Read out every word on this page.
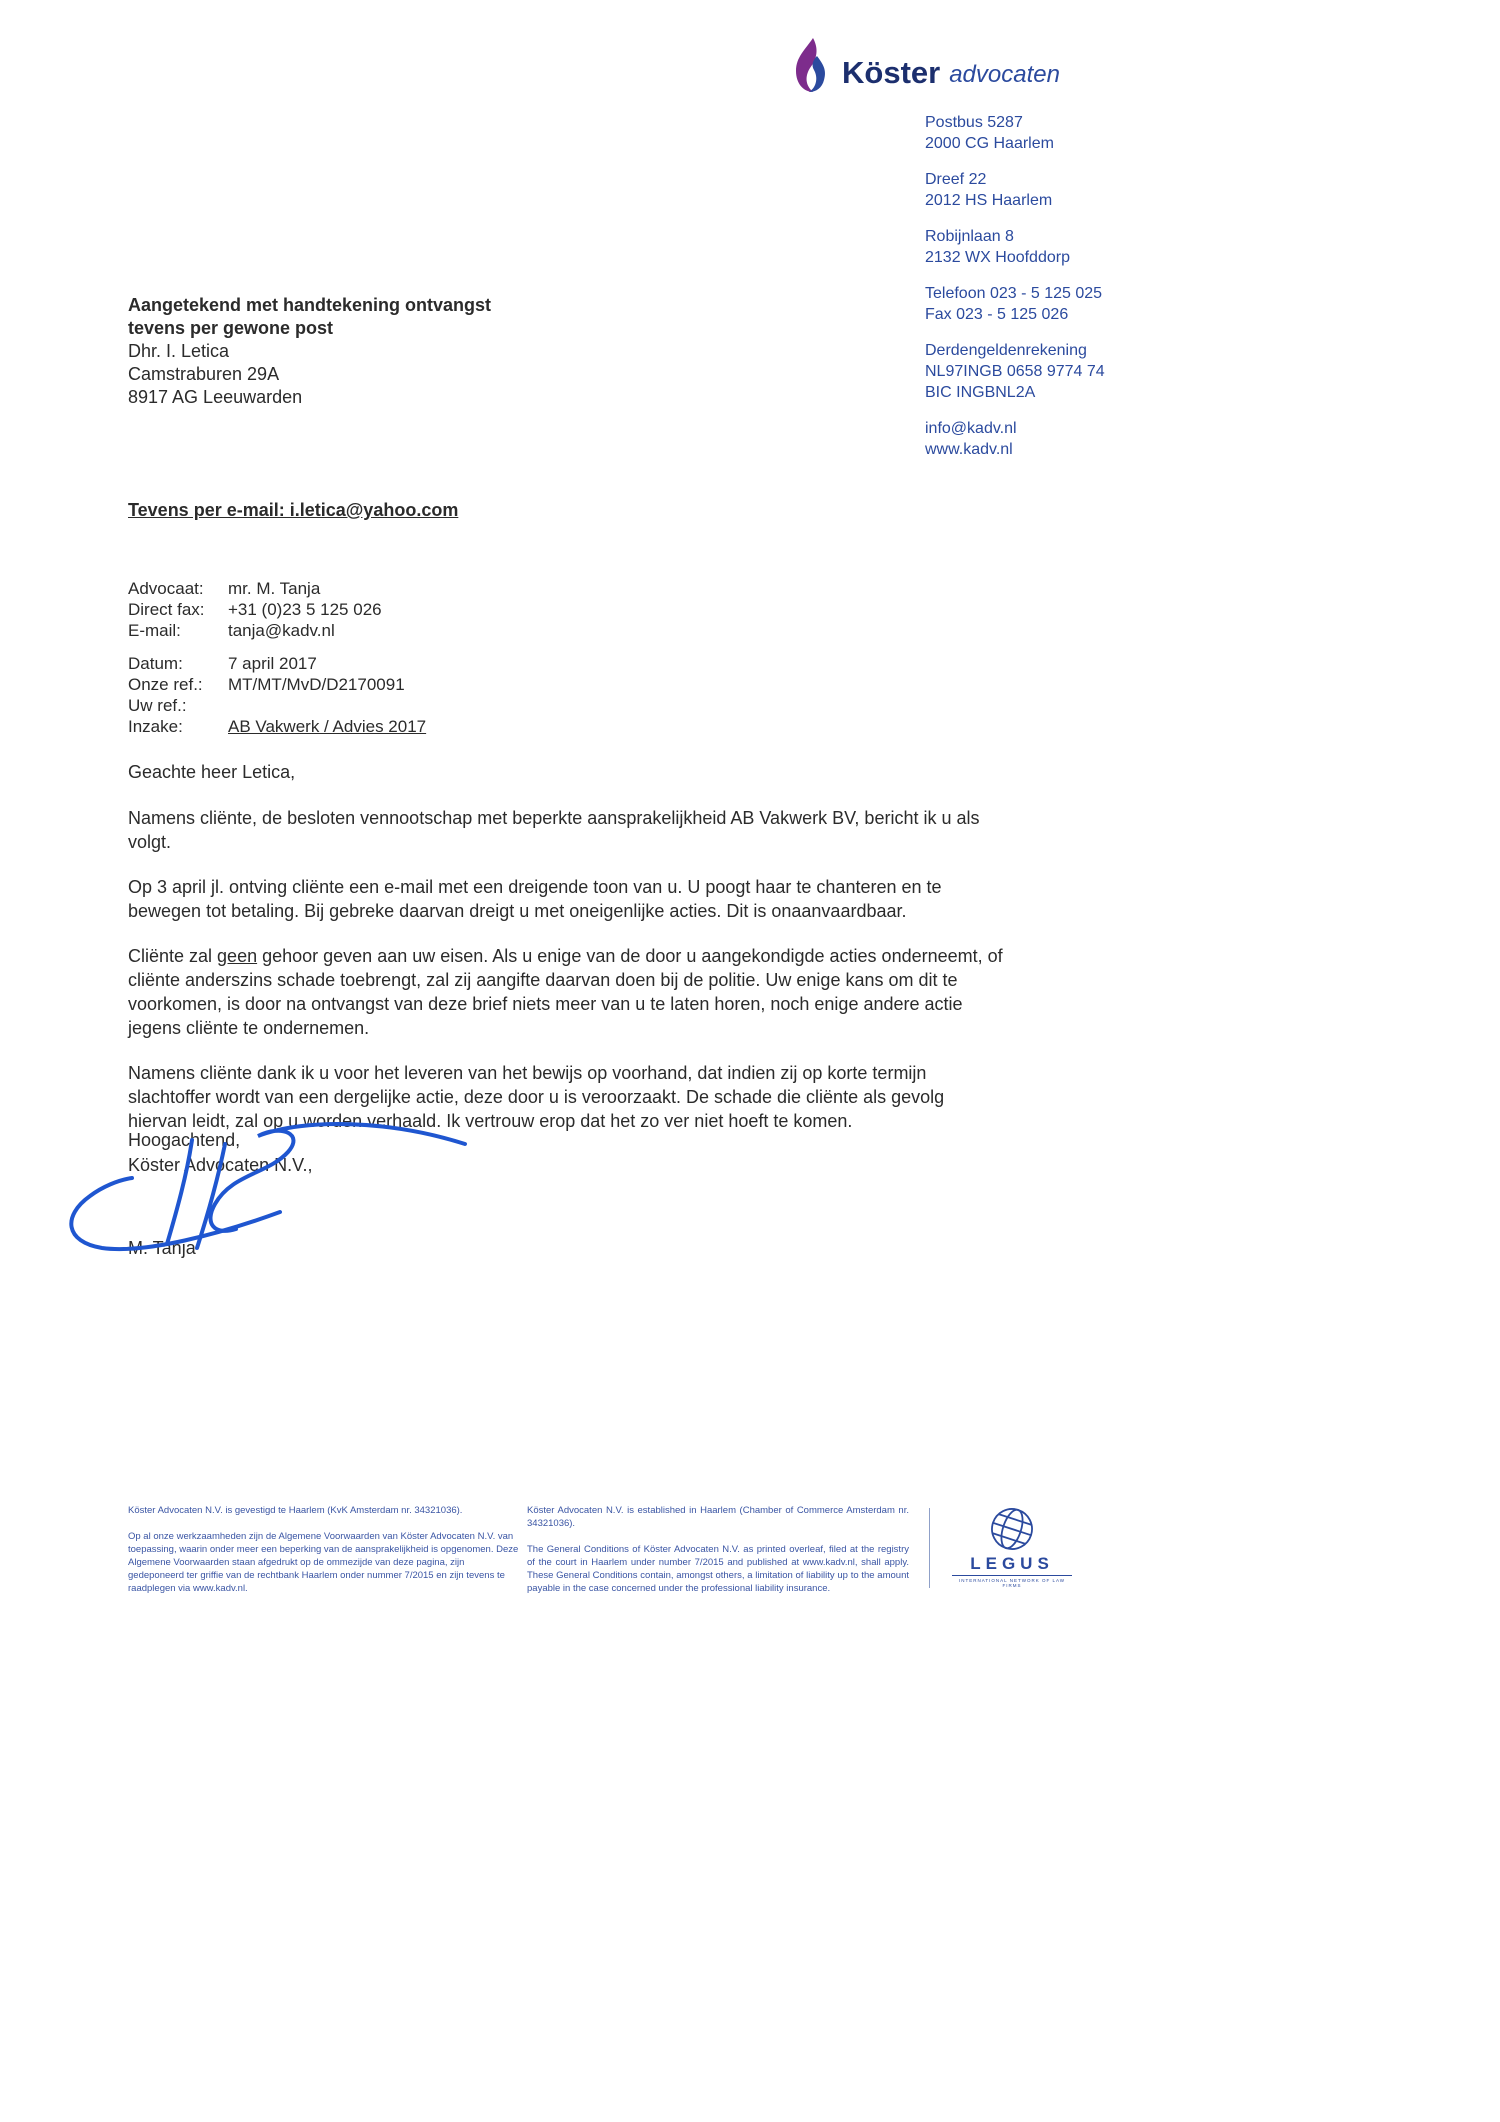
Köster advocaten
Postbus 5287
2000 CG Haarlem
Dreef 22
2012 HS Haarlem
Robijnlaan 8
2132 WX Hoofddorp
Telefoon 023 - 5 125 025
Fax 023 - 5 125 026
Derdengeldenrekening
NL97INGB 0658 9774 74
BIC INGBNL2A
info@kadv.nl
www.kadv.nl
Aangetekend met handtekening ontvangst
tevens per gewone post
Dhr. I. Letica
Camstraburen 29A
8917 AG Leeuwarden
Tevens per e-mail: i.letica@yahoo.com
Advocaat:	mr. M. Tanja
Direct fax:	+31 (0)23 5 125 026
E-mail:	tanja@kadv.nl
Datum:	7 april 2017
Onze ref.:	MT/MT/MvD/D2170091
Uw ref.:
Inzake:	AB Vakwerk / Advies 2017
Geachte heer Letica,

Namens cliënte, de besloten vennootschap met beperkte aansprakelijkheid AB Vakwerk BV, bericht ik u als volgt.

Op 3 april jl. ontving cliënte een e-mail met een dreigende toon van u. U poogt haar te chanteren en te bewegen tot betaling. Bij gebreke daarvan dreigt u met oneigenlijke acties. Dit is onaanvaardbaar.

Cliënte zal geen gehoor geven aan uw eisen. Als u enige van de door u aangekondigde acties onderneemt, of cliënte anderszins schade toebrengt, zal zij aangifte daarvan doen bij de politie. Uw enige kans om dit te voorkomen, is door na ontvangst van deze brief niets meer van u te laten horen, noch enige andere actie jegens cliënte te ondernemen.

Namens cliënte dank ik u voor het leveren van het bewijs op voorhand, dat indien zij op korte termijn slachtoffer wordt van een dergelijke actie, deze door u is veroorzaakt. De schade die cliënte als gevolg hiervan leidt, zal op u worden verhaald. Ik vertrouw erop dat het zo ver niet hoeft te komen.

Hoogachtend,
Köster Advocaten N.V.,
M. Tanja
Köster Advocaten N.V. is gevestigd te Haarlem (KvK Amsterdam nr. 34321036).
Op al onze werkzaamheden zijn de Algemene Voorwaarden van Köster Advocaten N.V. van toepassing, waarin onder meer een beperking van de aansprakelijkheid is opgenomen. Deze Algemene Voorwaarden staan afgedrukt op de ommezijde van deze pagina, zijn gedeponeerd ter griffie van de rechtbank Haarlem onder nummer 7/2015 en zijn tevens te raadplegen via www.kadv.nl.
Köster Advocaten N.V. is established in Haarlem (Chamber of Commerce Amsterdam nr. 34321036).
The General Conditions of Köster Advocaten N.V. as printed overleaf, filed at the registry of the court in Haarlem under number 7/2015 and published at www.kadv.nl, shall apply. These General Conditions contain, amongst others, a limitation of liability up to the amount payable in the case concerned under the professional liability insurance.
LEGUS
INTERNATIONAL NETWORK OF LAW FIRMS
